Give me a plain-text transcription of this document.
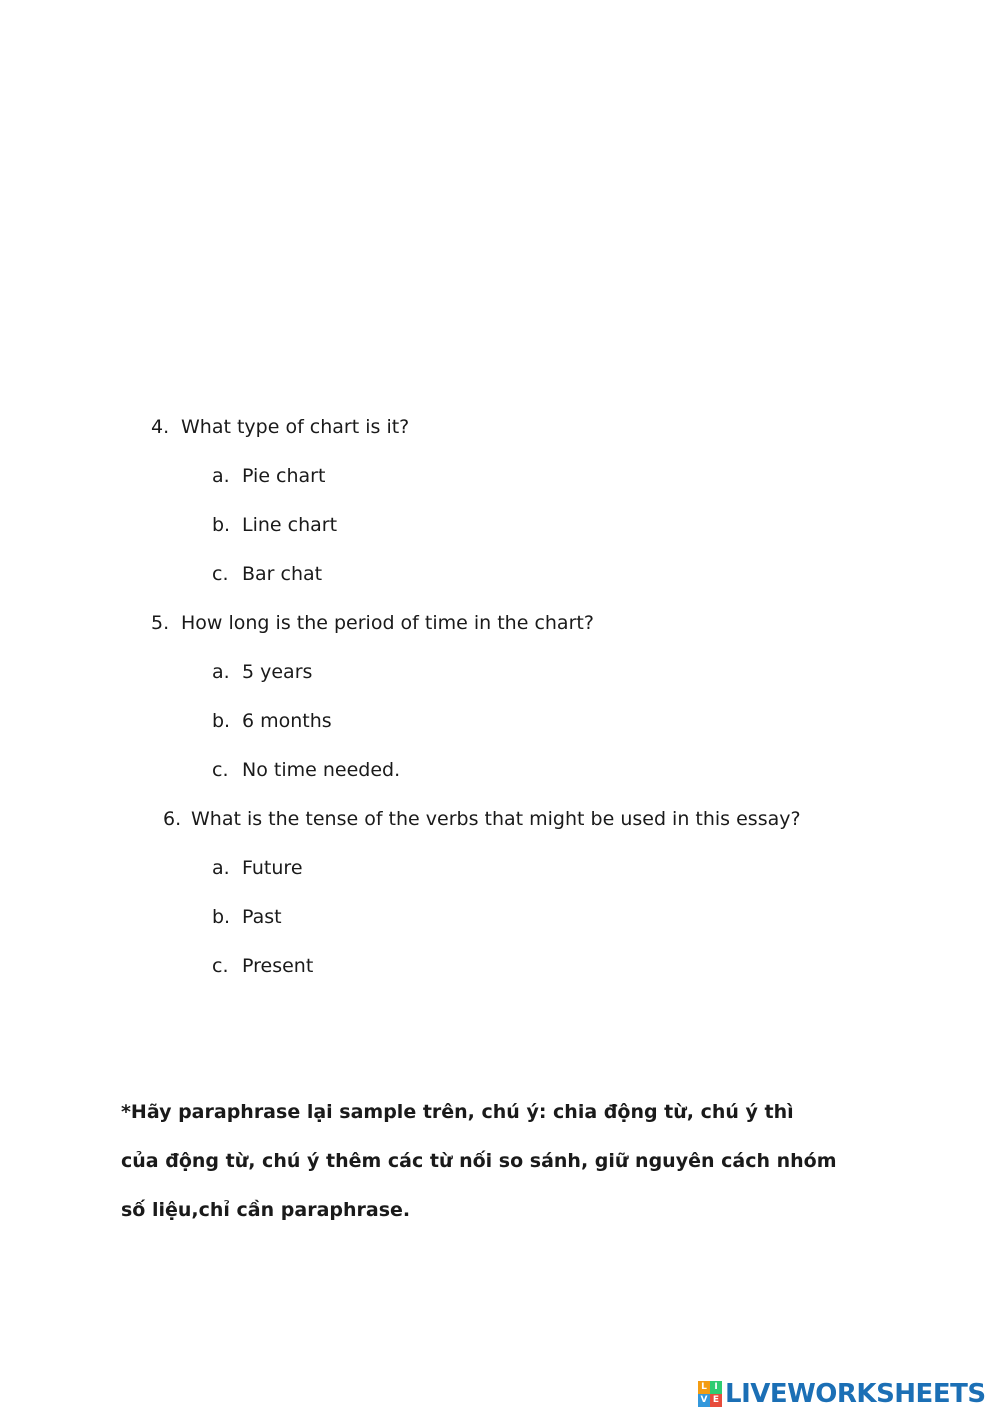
4. What type of chart is it?
a. Pie chart
b. Line chart
c. Bar chat
5. How long is the period of time in the chart?
a. 5 years
b. 6 months
c. No time needed.
6. What is the tense of the verbs that might be used in this essay?
a. Future
b. Past
c. Present
*Hãy paraphrase lại sample trên, chú ý: chia động từ, chú ý thì
của động từ, chú ý thêm các từ nối so sánh, giữ nguyên cách nhóm
số liệu,chỉ cần paraphrase.
L I
V E LIVEWORKSHEETS
